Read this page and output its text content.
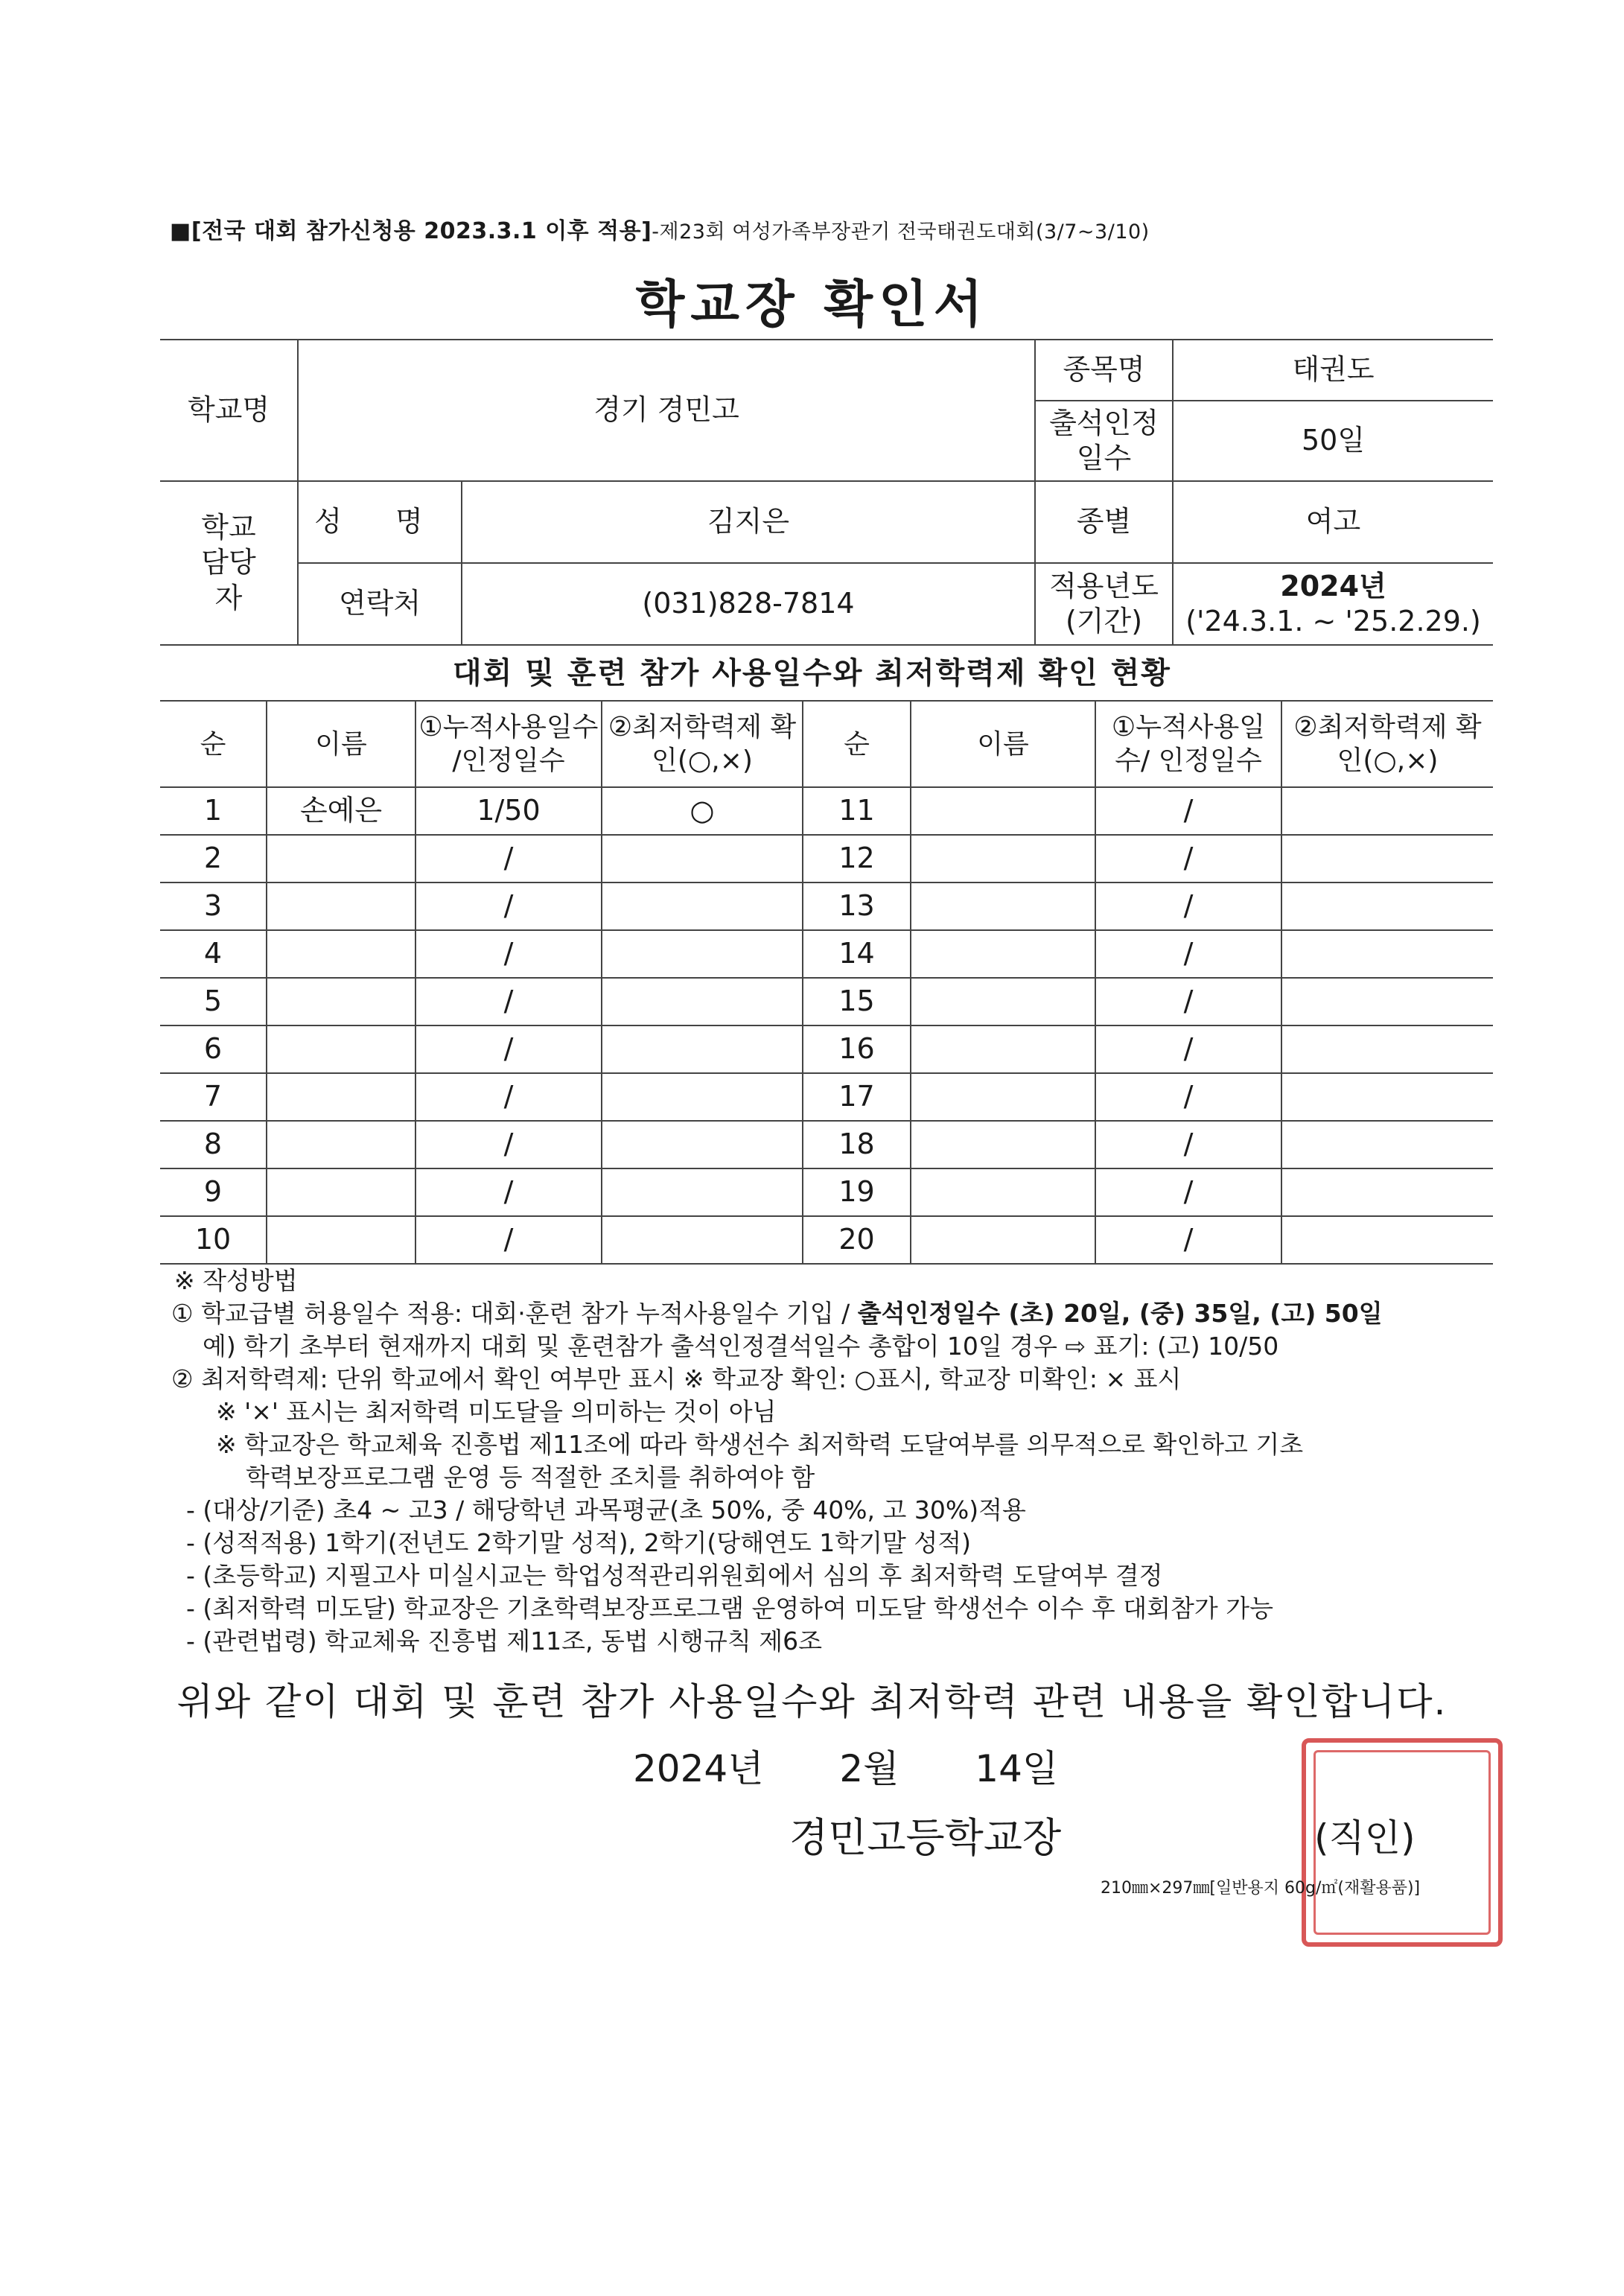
■[전국 대회 참가신청용 2023.3.1 이후 적용]-제23회 여성가족부장관기 전국태권도대회(3/7~3/10)
학교장 확인서
학교명	경기 경민고		종목명	태권도
			출석인정 일수	50일
학교 담당자	성 명	김지은	종별	여고
	연락처	(031)828-7814	적용년도 (기간)	2024년
('24.3.1. ~ '25.2.29.)
대회 및 훈련 참가 사용일수와 최저학력제 확인 현황
순	이름	①누적사용일수 /인정일수	②최저학력제 확인(○,×)	순	이름	①누적사용일수/ 인정일수	②최저학력제 확인(○,×)
1	손예은	1/50	○	11		/	
2		/		12		/	
3		/		13		/	
4		/		14		/	
5		/		15		/	
6		/		16		/	
7		/		17		/	
8		/		18		/	
9		/		19		/	
10		/		20		/	
※ 작성방법
① 학교급별 허용일수 적용: 대회·훈련 참가 누적사용일수 기입 / 출석인정일수 (초) 20일, (중) 35일, (고) 50일
예) 학기 초부터 현재까지 대회 및 훈련참가 출석인정결석일수 총합이 10일 경우 ⇨ 표기: (고) 10/50
② 최저학력제: 단위 학교에서 확인 여부만 표시 ※ 학교장 확인: ○표시, 학교장 미확인: × 표시
※ '×' 표시는 최저학력 미도달을 의미하는 것이 아님
※ 학교장은 학교체육 진흥법 제11조에 따라 학생선수 최저학력 도달여부를 의무적으로 확인하고 기초
학력보장프로그램 운영 등 적절한 조치를 취하여야 함
- (대상/기준) 초4 ~ 고3 / 해당학년 과목평균(초 50%, 중 40%, 고 30%)적용
- (성적적용) 1학기(전년도 2학기말 성적), 2학기(당해연도 1학기말 성적)
- (초등학교) 지필고사 미실시교는 학업성적관리위원회에서 심의 후 최저학력 도달여부 결정
- (최저학력 미도달) 학교장은 기초학력보장프로그램 운영하여 미도달 학생선수 이수 후 대회참가 가능
- (관련법령) 학교체육 진흥법 제11조, 동법 시행규칙 제6조
위와 같이 대회 및 훈련 참가 사용일수와 최저학력 관련 내용을 확인합니다.
2024년 2월 14일
경민고등학교장	(직인)
210㎜×297㎜[일반용지 60g/㎡(재활용품)]
